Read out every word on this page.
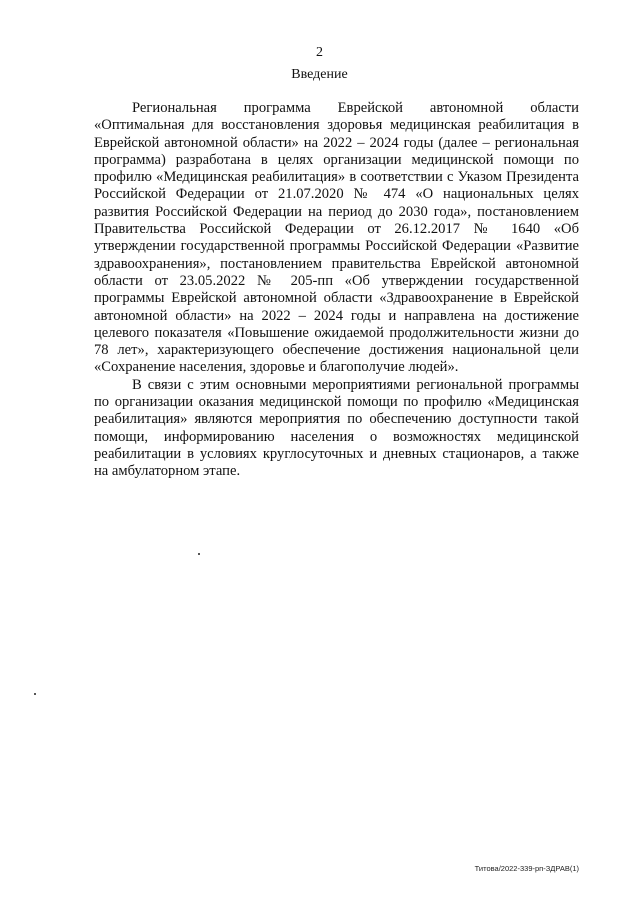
2
Введение

Региональная программа Еврейской автономной области «Оптимальная для восстановления здоровья медицинская реабилитация в Еврейской автономной области» на 2022 – 2024 годы (далее – региональная программа) разработана в целях организации медицинской помощи по профилю «Медицинская реабилитация» в соответствии с Указом Президента Российской Федерации от 21.07.2020 № 474 «О национальных целях развития Российской Федерации на период до 2030 года», постановлением Правительства Российской Федерации от 26.12.2017 № 1640 «Об утверждении государственной программы Российской Федерации «Развитие здравоохранения», постановлением правительства Еврейской автономной области от 23.05.2022 № 205-пп «Об утверждении государственной программы Еврейской автономной области «Здравоохранение в Еврейской автономной области» на 2022 – 2024 годы и направлена на достижение целевого показателя «Повышение ожидаемой продолжительности жизни до 78 лет», характеризующего обеспечение достижения национальной цели «Сохранение населения, здоровье и благополучие людей».

В связи с этим основными мероприятиями региональной программы по организации оказания медицинской помощи по профилю «Медицинская реабилитация» являются мероприятия по обеспечению доступности такой помощи, информированию населения о возможностях медицинской реабилитации в условиях круглосуточных и дневных стационаров, а также на амбулаторном этапе.

Титова/2022-339-рп-ЗДРАВ(1)
